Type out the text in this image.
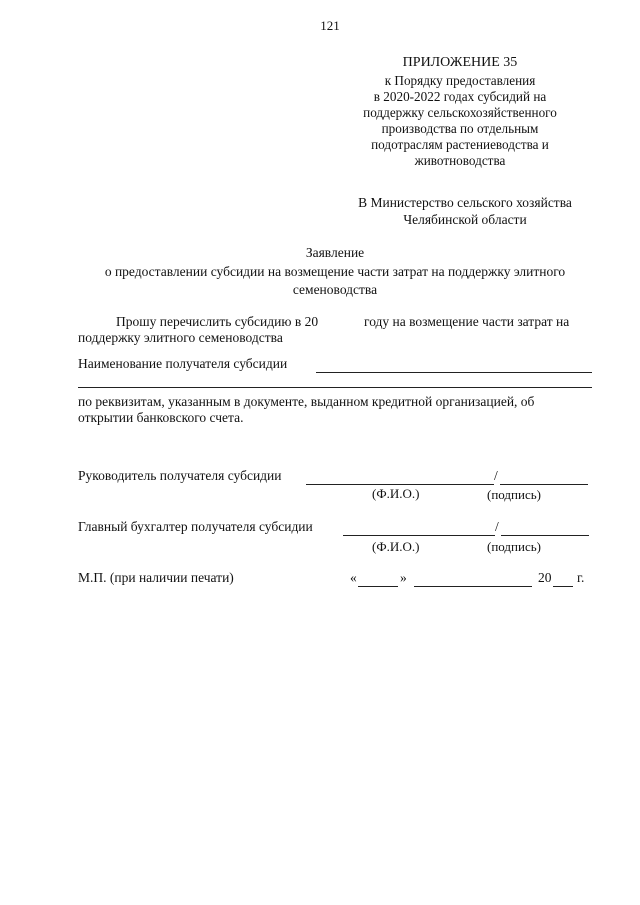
121
ПРИЛОЖЕНИЕ 35
к Порядку предоставления
в 2020-2022 годах субсидий на
поддержку сельскохозяйственного
производства по отдельным
подотраслям растениеводства и
животноводства
В Министерство сельского хозяйства
Челябинской области
Заявление
о предоставлении субсидии на возмещение части затрат на поддержку элитного
семеноводства
Прошу перечислить субсидию в 20	году на возмещение части затрат на
поддержку элитного семеноводства
Наименование получателя субсидии
по реквизитам, указанным в документе, выданном кредитной организацией, об
открытии банковского счета.
Руководитель получателя субсидии	/
(Ф.И.О.)	(подпись)
Главный бухгалтер получателя субсидии	/
(Ф.И.О.)	(подпись)
М.П. (при наличии печати)	«	»	20 г.
